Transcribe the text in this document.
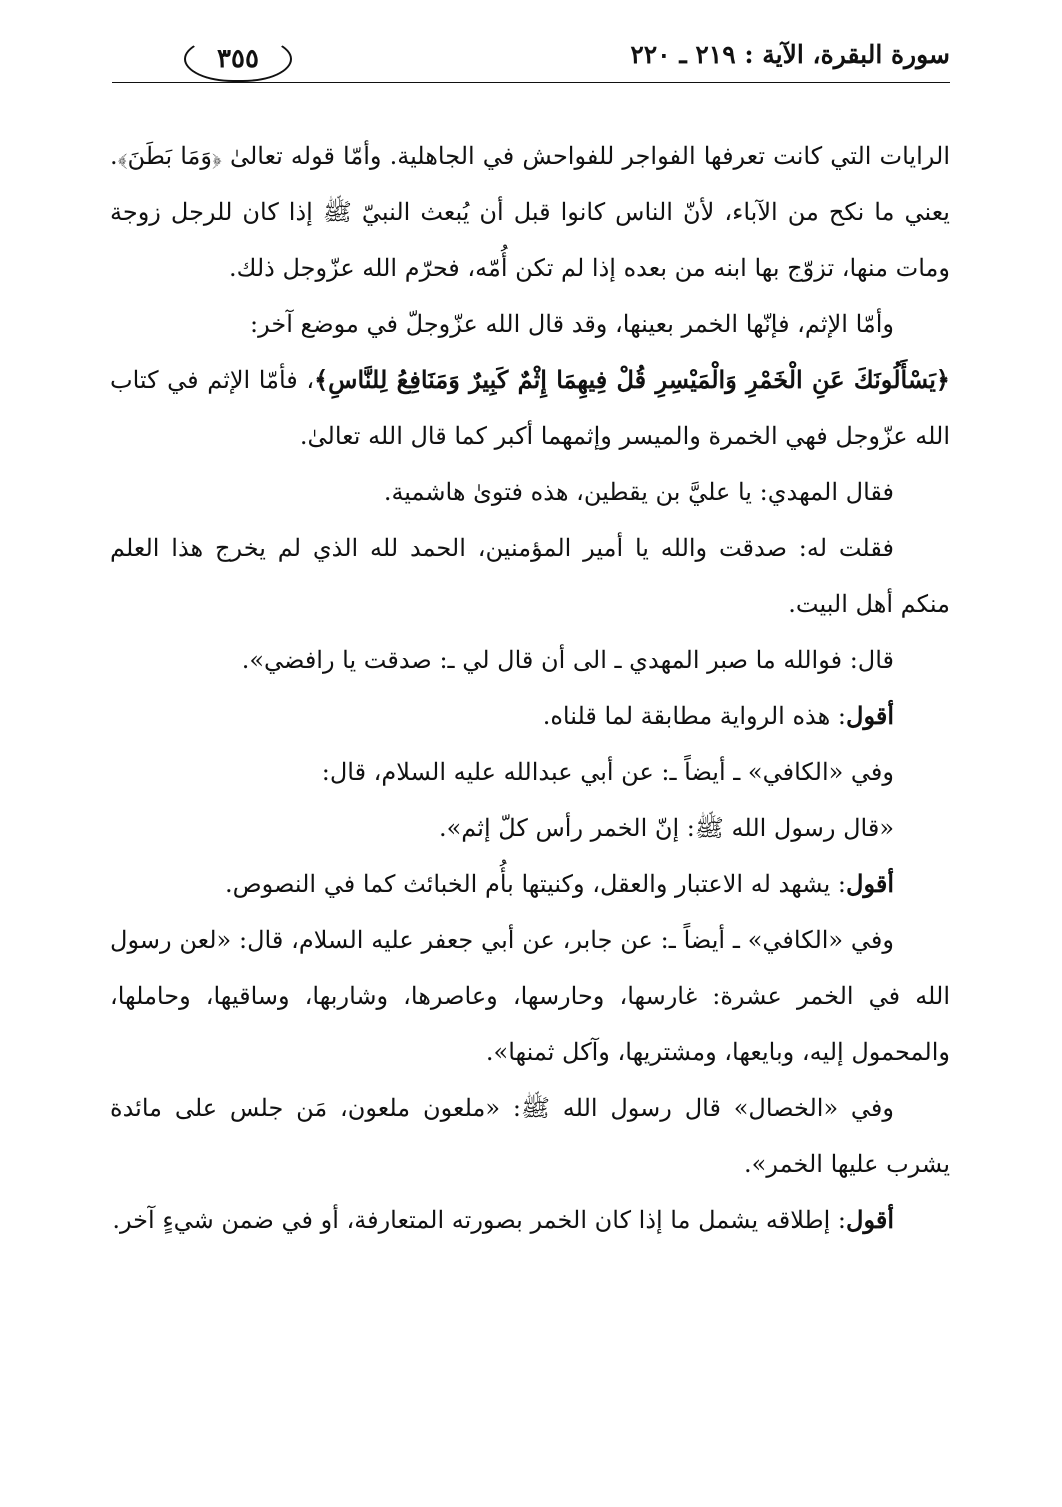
سورة البقرة، الآية : ٢١٩ ـ ٢٢٠
٣٥٥

الرايات التي كانت تعرفها الفواجر للفواحش في الجاهلية. وأمّا قوله تعالىٰ ﴿وَمَا بَطَنَ﴾. يعني ما نكح من الآباء، لأنّ الناس كانوا قبل أن يُبعث النبيّ ﷺ إذا كان للرجل زوجة ومات منها، تزوّج بها ابنه من بعده إذا لم تكن أُمّه، فحرّم الله عزّوجل ذلك.

وأمّا الإثم، فإنّها الخمر بعينها، وقد قال الله عزّوجلّ في موضع آخر:

﴿يَسْأَلُونَكَ عَنِ الْخَمْرِ وَالْمَيْسِرِ قُلْ فِيهِمَا إِثْمٌ كَبِيرٌ وَمَنَافِعُ لِلنَّاسِ﴾، فأمّا الإثم في كتاب الله عزّوجل فهي الخمرة والميسر وإثمهما أكبر كما قال الله تعالىٰ.

فقال المهدي: يا عليَّ بن يقطين، هذه فتوىٰ هاشمية.

فقلت له: صدقت والله يا أمير المؤمنين، الحمد لله الذي لم يخرج هذا العلم منكم أهل البيت.

قال: فوالله ما صبر المهدي ـ الى أن قال لي ـ: صدقت يا رافضي».

أقول: هذه الرواية مطابقة لما قلناه.

وفي «الكافي» ـ أيضاً ـ: عن أبي عبدالله عليه السلام، قال:

«قال رسول الله ﷺ: إنّ الخمر رأس كلّ إثم».

أقول: يشهد له الاعتبار والعقل، وكنيتها بأُم الخبائث كما في النصوص.

وفي «الكافي» ـ أيضاً ـ: عن جابر، عن أبي جعفر عليه السلام، قال: «لعن رسول الله في الخمر عشرة: غارسها، وحارسها، وعاصرها، وشاربها، وساقيها، وحاملها، والمحمول إليه، وبايعها، ومشتريها، وآكل ثمنها».

وفي «الخصال» قال رسول الله ﷺ: «ملعون ملعون، مَن جلس على مائدة يشرب عليها الخمر».

أقول: إطلاقه يشمل ما إذا كان الخمر بصورته المتعارفة، أو في ضمن شيءٍ آخر.
